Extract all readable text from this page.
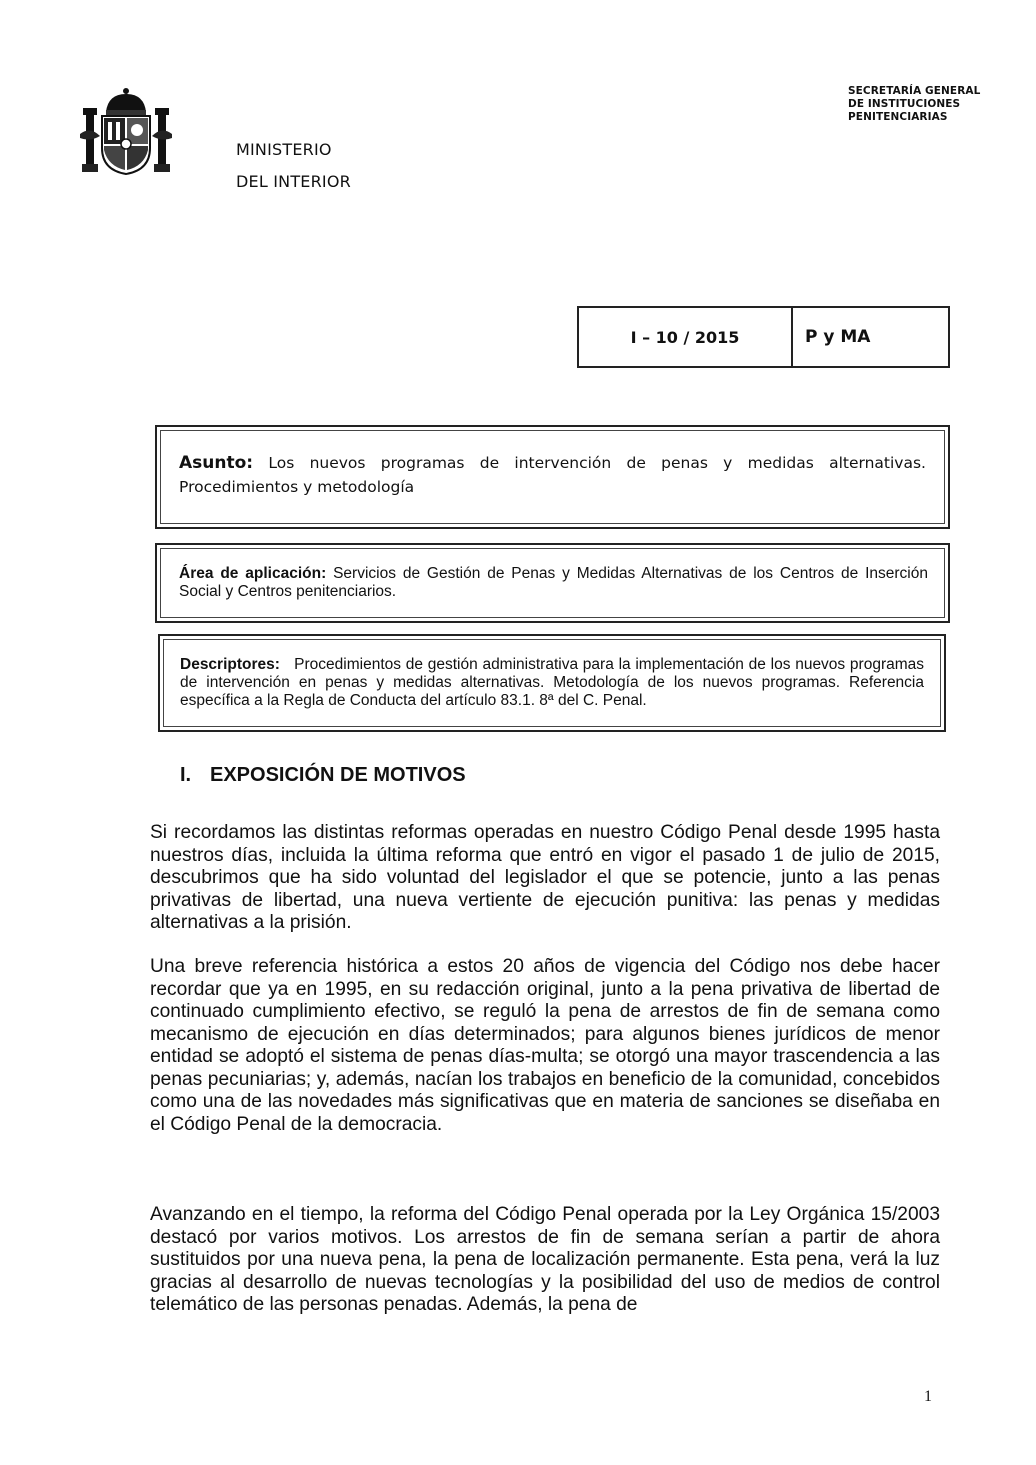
MINISTERIO
DEL INTERIOR
SECRETARÍA GENERAL
DE INSTITUCIONES
PENITENCIARIAS
I – 10 / 2015	P y MA
Asunto: Los nuevos programas de intervención de penas y medidas alternativas. Procedimientos y metodología
Área de aplicación: Servicios de Gestión de Penas y Medidas Alternativas de los Centros de Inserción Social y Centros penitenciarios.
Descriptores: Procedimientos de gestión administrativa para la implementación de los nuevos programas de intervención en penas y medidas alternativas. Metodología de los nuevos programas. Referencia específica a la Regla de Conducta del artículo 83.1. 8ª del C. Penal.
I. EXPOSICIÓN DE MOTIVOS
Si recordamos las distintas reformas operadas en nuestro Código Penal desde 1995 hasta nuestros días, incluida la última reforma que entró en vigor el pasado 1 de julio de 2015, descubrimos que ha sido voluntad del legislador el que se potencie, junto a las penas privativas de libertad, una nueva vertiente de ejecución punitiva: las penas y medidas alternativas a la prisión.
Una breve referencia histórica a estos 20 años de vigencia del Código nos debe hacer recordar que ya en 1995, en su redacción original, junto a la pena privativa de libertad de continuado cumplimiento efectivo, se reguló la pena de arrestos de fin de semana como mecanismo de ejecución en días determinados; para algunos bienes jurídicos de menor entidad se adoptó el sistema de penas días-multa; se otorgó una mayor trascendencia a las penas pecuniarias; y, además, nacían los trabajos en beneficio de la comunidad, concebidos como una de las novedades más significativas que en materia de sanciones se diseñaba en el Código Penal de la democracia.
Avanzando en el tiempo, la reforma del Código Penal operada por la Ley Orgánica 15/2003 destacó por varios motivos. Los arrestos de fin de semana serían a partir de ahora sustituidos por una nueva pena, la pena de localización permanente. Esta pena, verá la luz gracias al desarrollo de nuevas tecnologías y la posibilidad del uso de medios de control telemático de las personas penadas. Además, la pena de
1
